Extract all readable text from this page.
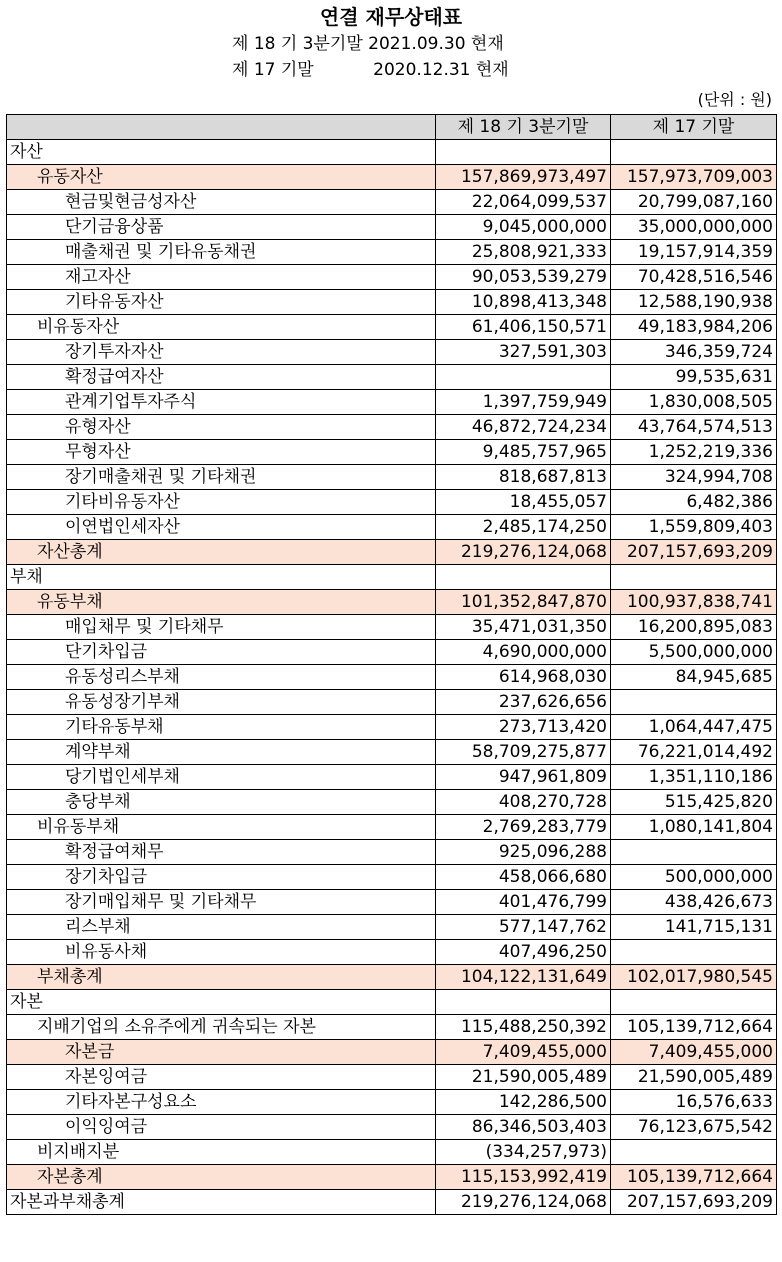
연결 재무상태표
제 18 기 3분기말 2021.09.30 현재
제 17 기말           2020.12.31 현재
(단위 : 원)
	제 18 기 3분기말	제 17 기말
자산		
유동자산	157,869,973,497	157,973,709,003
현금및현금성자산	22,064,099,537	20,799,087,160
단기금융상품	9,045,000,000	35,000,000,000
매출채권 및 기타유동채권	25,808,921,333	19,157,914,359
재고자산	90,053,539,279	70,428,516,546
기타유동자산	10,898,413,348	12,588,190,938
비유동자산	61,406,150,571	49,183,984,206
장기투자자산	327,591,303	346,359,724
확정급여자산		99,535,631
관계기업투자주식	1,397,759,949	1,830,008,505
유형자산	46,872,724,234	43,764,574,513
무형자산	9,485,757,965	1,252,219,336
장기매출채권 및 기타채권	818,687,813	324,994,708
기타비유동자산	18,455,057	6,482,386
이연법인세자산	2,485,174,250	1,559,809,403
자산총계	219,276,124,068	207,157,693,209
부채		
유동부채	101,352,847,870	100,937,838,741
매입채무 및 기타채무	35,471,031,350	16,200,895,083
단기차입금	4,690,000,000	5,500,000,000
유동성리스부채	614,968,030	84,945,685
유동성장기부채	237,626,656	
기타유동부채	273,713,420	1,064,447,475
계약부채	58,709,275,877	76,221,014,492
당기법인세부채	947,961,809	1,351,110,186
충당부채	408,270,728	515,425,820
비유동부채	2,769,283,779	1,080,141,804
확정급여채무	925,096,288	
장기차입금	458,066,680	500,000,000
장기매입채무 및 기타채무	401,476,799	438,426,673
리스부채	577,147,762	141,715,131
비유동사채	407,496,250	
부채총계	104,122,131,649	102,017,980,545
자본		
지배기업의 소유주에게 귀속되는 자본	115,488,250,392	105,139,712,664
자본금	7,409,455,000	7,409,455,000
자본잉여금	21,590,005,489	21,590,005,489
기타자본구성요소	142,286,500	16,576,633
이익잉여금	86,346,503,403	76,123,675,542
비지배지분	(334,257,973)	
자본총계	115,153,992,419	105,139,712,664
자본과부채총계	219,276,124,068	207,157,693,209
